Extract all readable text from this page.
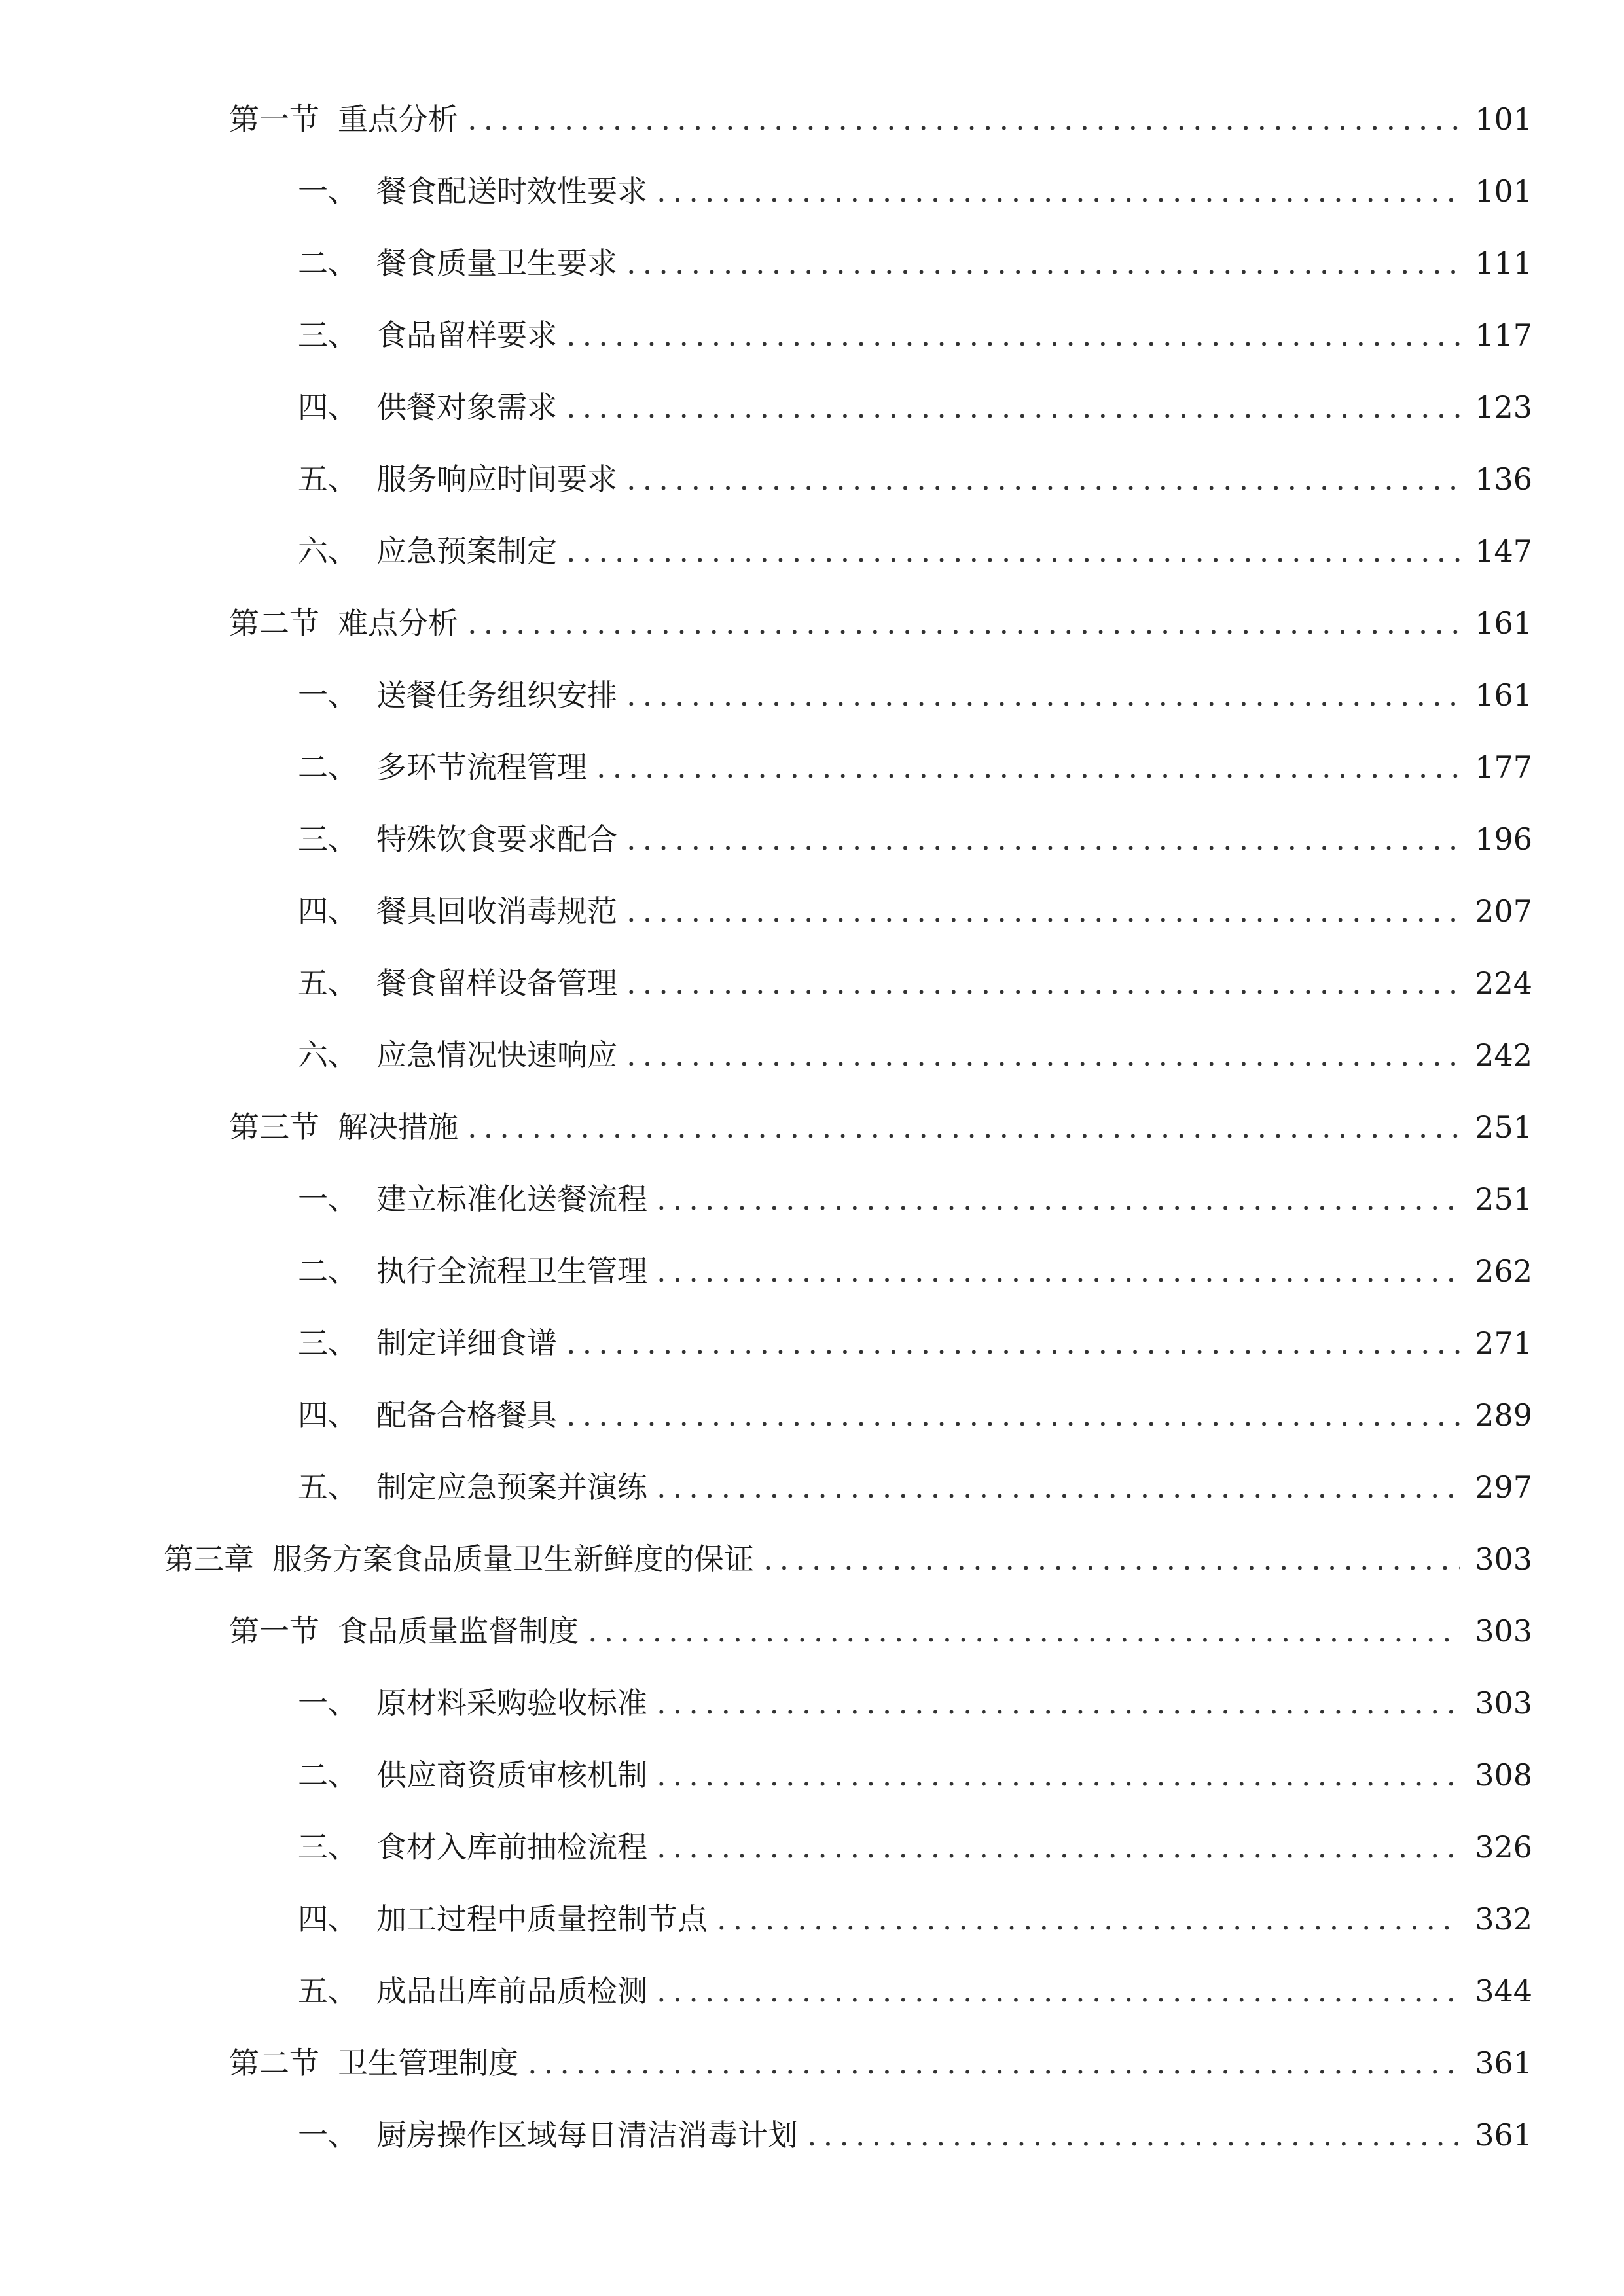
第一节 重点分析 .....	101
一、 餐食配送时效性要求 .....	101
二、 餐食质量卫生要求 .....	111
三、 食品留样要求 .....	117
四、 供餐对象需求 .....	123
五、 服务响应时间要求 .....	136
六、 应急预案制定 .....	147
第二节 难点分析 .....	161
一、 送餐任务组织安排 .....	161
二、 多环节流程管理 .....	177
三、 特殊饮食要求配合 .....	196
四、 餐具回收消毒规范 .....	207
五、 餐食留样设备管理 .....	224
六、 应急情况快速响应 .....	242
第三节 解决措施 .....	251
一、 建立标准化送餐流程 .....	251
二、 执行全流程卫生管理 .....	262
三、 制定详细食谱 .....	271
四、 配备合格餐具 .....	289
五、 制定应急预案并演练 .....	297
第三章 服务方案食品质量卫生新鲜度的保证 .....	303
第一节 食品质量监督制度 .....	303
一、 原材料采购验收标准 .....	303
二、 供应商资质审核机制 .....	308
三、 食材入库前抽检流程 .....	326
四、 加工过程中质量控制节点 .....	332
五、 成品出库前品质检测 .....	344
第二节 卫生管理制度 .....	361
一、 厨房操作区域每日清洁消毒计划 .....	361
